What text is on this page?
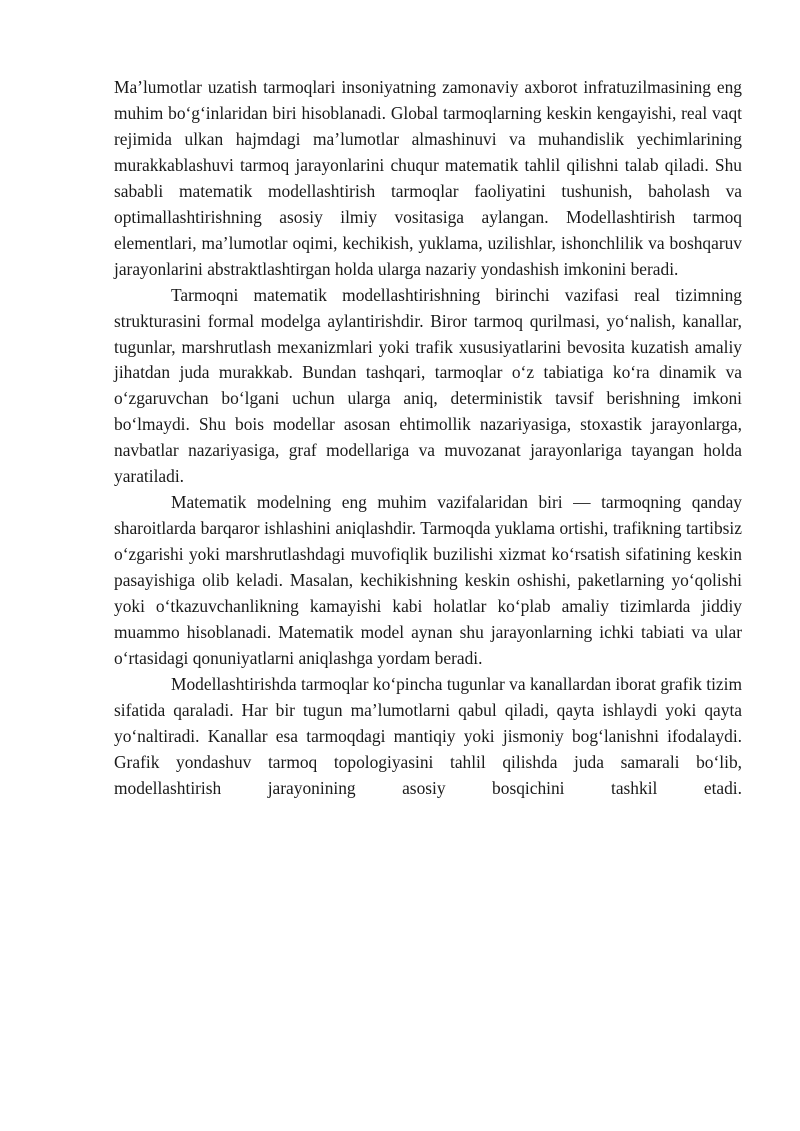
Ma’lumotlar uzatish tarmoqlari insoniyatning zamonaviy axborot infratuzilmasining eng muhim bo‘g‘inlaridan biri hisoblanadi. Global tarmoqlarning keskin kengayishi, real vaqt rejimida ulkan hajmdagi ma’lumotlar almashinuvi va muhandislik yechimlarining murakkablashuvi tarmoq jarayonlarini chuqur matematik tahlil qilishni talab qiladi. Shu sababli matematik modellashtirish tarmoqlar faoliyatini tushunish, baholash va optimallashtirishning asosiy ilmiy vositasiga aylangan. Modellashtirish tarmoq elementlari, ma’lumotlar oqimi, kechikish, yuklama, uzilishlar, ishonchlilik va boshqaruv jarayonlarini abstraktlashtirgan holda ularga nazariy yondashish imkonini beradi.

Tarmoqni matematik modellashtirishning birinchi vazifasi real tizimning strukturasini formal modelga aylantirishdir. Biror tarmoq qurilmasi, yo‘nalish, kanallar, tugunlar, marshrutlash mexanizmlari yoki trafik xususiyatlarini bevosita kuzatish amaliy jihatdan juda murakkab. Bundan tashqari, tarmoqlar o‘z tabiatiga ko‘ra dinamik va o‘zgaruvchan bo‘lgani uchun ularga aniq, deterministik tavsif berishning imkoni bo‘lmaydi. Shu bois modellar asosan ehtimollik nazariyasiga, stoxastik jarayonlarga, navbatlar nazariyasiga, graf modellariga va muvozanat jarayonlariga tayangan holda yaratiladi.

Matematik modelning eng muhim vazifalaridan biri — tarmoqning qanday sharoitlarda barqaror ishlashini aniqlashdir. Tarmoqda yuklama ortishi, trafikning tartibsiz o‘zgarishi yoki marshrutlashdagi muvofiqlik buzilishi xizmat ko‘rsatish sifatining keskin pasayishiga olib keladi. Masalan, kechikishning keskin oshishi, paketlarning yo‘qolishi yoki o‘tkazuvchanlikning kamayishi kabi holatlar ko‘plab amaliy tizimlarda jiddiy muammo hisoblanadi. Matematik model aynan shu jarayonlarning ichki tabiati va ular o‘rtasidagi qonuniyatlarni aniqlashga yordam beradi.

Modellashtirishda tarmoqlar ko‘pincha tugunlar va kanallardan iborat grafik tizim sifatida qaraladi. Har bir tugun ma’lumotlarni qabul qiladi, qayta ishlaydi yoki qayta yo‘naltiradi. Kanallar esa tarmoqdagi mantiqiy yoki jismoniy bog‘lanishni ifodalaydi. Grafik yondashuv tarmoq topologiyasini tahlil qilishda juda samarali bo‘lib, modellashtirish jarayonining asosiy bosqichini tashkil etadi.
